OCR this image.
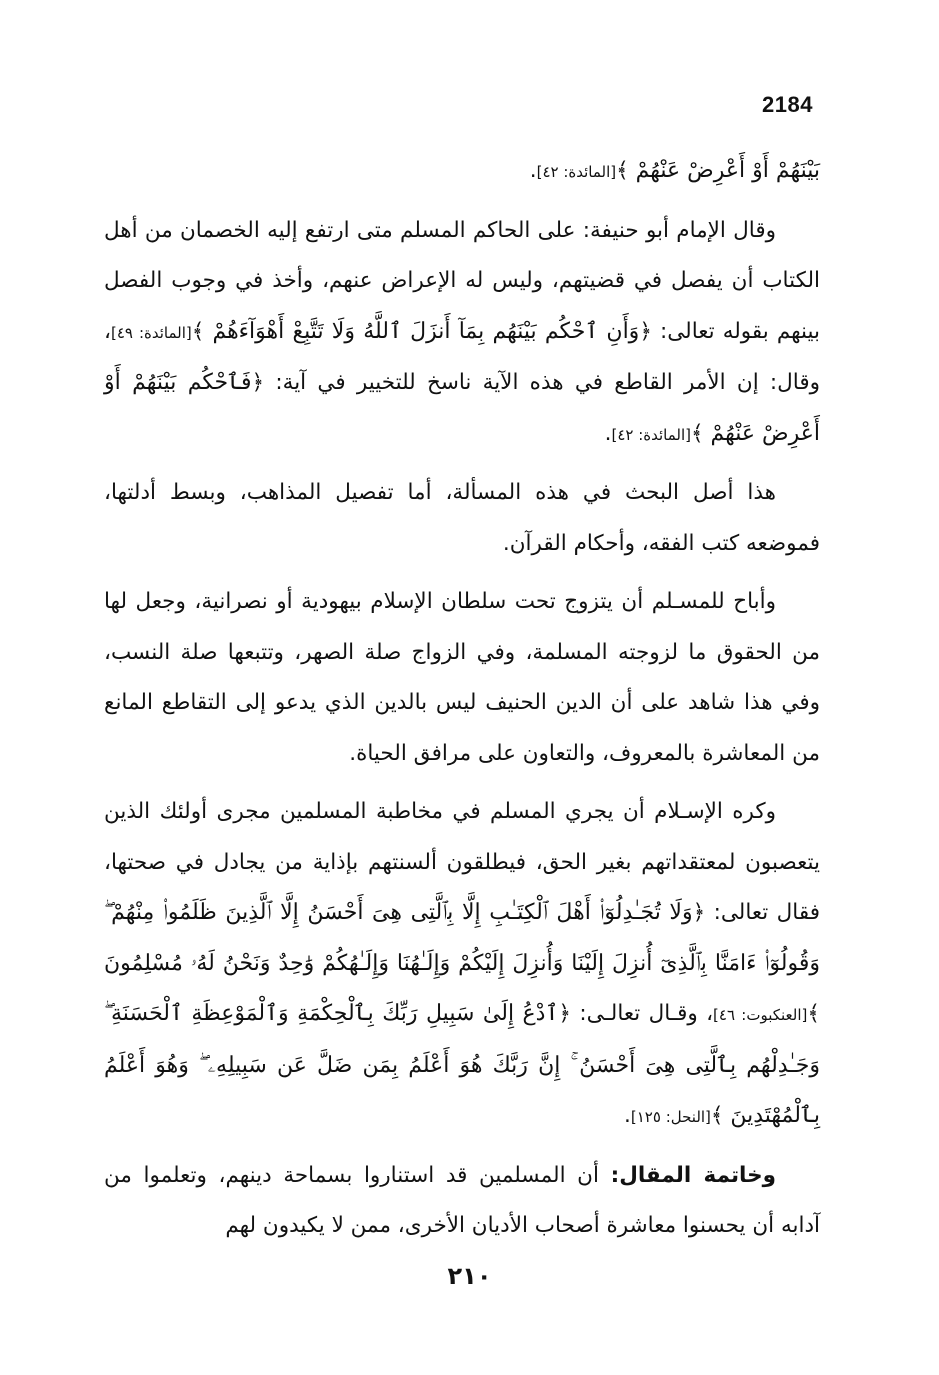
2184

بَيْنَهُمْ أَوْ أَعْرِضْ عَنْهُمْ ﴾[المائدة: ٤٢].

وقال الإمام أبو حنيفة: على الحاكم المسلم متى ارتفع إليه الخصمان من أهل الكتاب أن يفصل في قضيتهم، وليس له الإعراض عنهم، وأخذ في وجوب الفصل بينهم بقوله تعالى: ﴿وَأَنِ ٱحْكُم بَيْنَهُم بِمَآ أَنزَلَ ٱللَّهُ وَلَا تَتَّبِعْ أَهْوَآءَهُمْ ﴾[المائدة: ٤٩]، وقال: إن الأمر القاطع في هذه الآية ناسخ للتخيير في آية: ﴿فَٱحْكُم بَيْنَهُمْ أَوْ أَعْرِضْ عَنْهُمْ ﴾[المائدة: ٤٢].

هذا أصل البحث في هذه المسألة، أما تفصيل المذاهب، وبسط أدلتها، فموضعه كتب الفقه، وأحكام القرآن.

وأباح للمسـلم أن يتزوج تحت سلطان الإسلام بيهودية أو نصرانية، وجعل لها من الحقوق ما لزوجته المسلمة، وفي الزواج صلة الصهر، وتتبعها صلة النسب، وفي هذا شاهد على أن الدين الحنيف ليس بالدين الذي يدعو إلى التقاطع المانع من المعاشرة بالمعروف، والتعاون على مرافق الحياة.

وكره الإسـلام أن يجري المسلم في مخاطبة المسلمين مجرى أولئك الذين يتعصبون لمعتقداتهم بغير الحق، فيطلقون ألسنتهم بإذاية من يجادل في صحتها، فقال تعالى: ﴿وَلَا تُجَـٰدِلُوٓا۟ أَهْلَ ٱلْكِتَـٰبِ إِلَّا بِٱلَّتِى هِىَ أَحْسَنُ إِلَّا ٱلَّذِينَ ظَلَمُوا۟ مِنْهُمْ ۖ وَقُولُوٓا۟ ءَامَنَّا بِٱلَّذِىٓ أُنزِلَ إِلَيْنَا وَأُنزِلَ إِلَيْكُمْ وَإِلَـٰهُنَا وَإِلَـٰهُكُمْ وَٰحِدٌ وَنَحْنُ لَهُۥ مُسْلِمُونَ ﴾[العنكبوت: ٤٦]، وقـال تعالـى: ﴿ٱدْعُ إِلَىٰ سَبِيلِ رَبِّكَ بِٱلْحِكْمَةِ وَٱلْمَوْعِظَةِ ٱلْحَسَنَةِ ۖ وَجَـٰدِلْهُم بِٱلَّتِى هِىَ أَحْسَنُ ۚ إِنَّ رَبَّكَ هُوَ أَعْلَمُ بِمَن ضَلَّ عَن سَبِيلِهِۦ ۖ وَهُوَ أَعْلَمُ بِٱلْمُهْتَدِينَ ﴾[النحل: ١٢٥].

وخاتمة المقال: أن المسلمين قد استناروا بسماحة دينهم، وتعلموا من آدابه أن يحسنوا معاشرة أصحاب الأديان الأخرى، ممن لا يكيدون لهم

٢١٠
